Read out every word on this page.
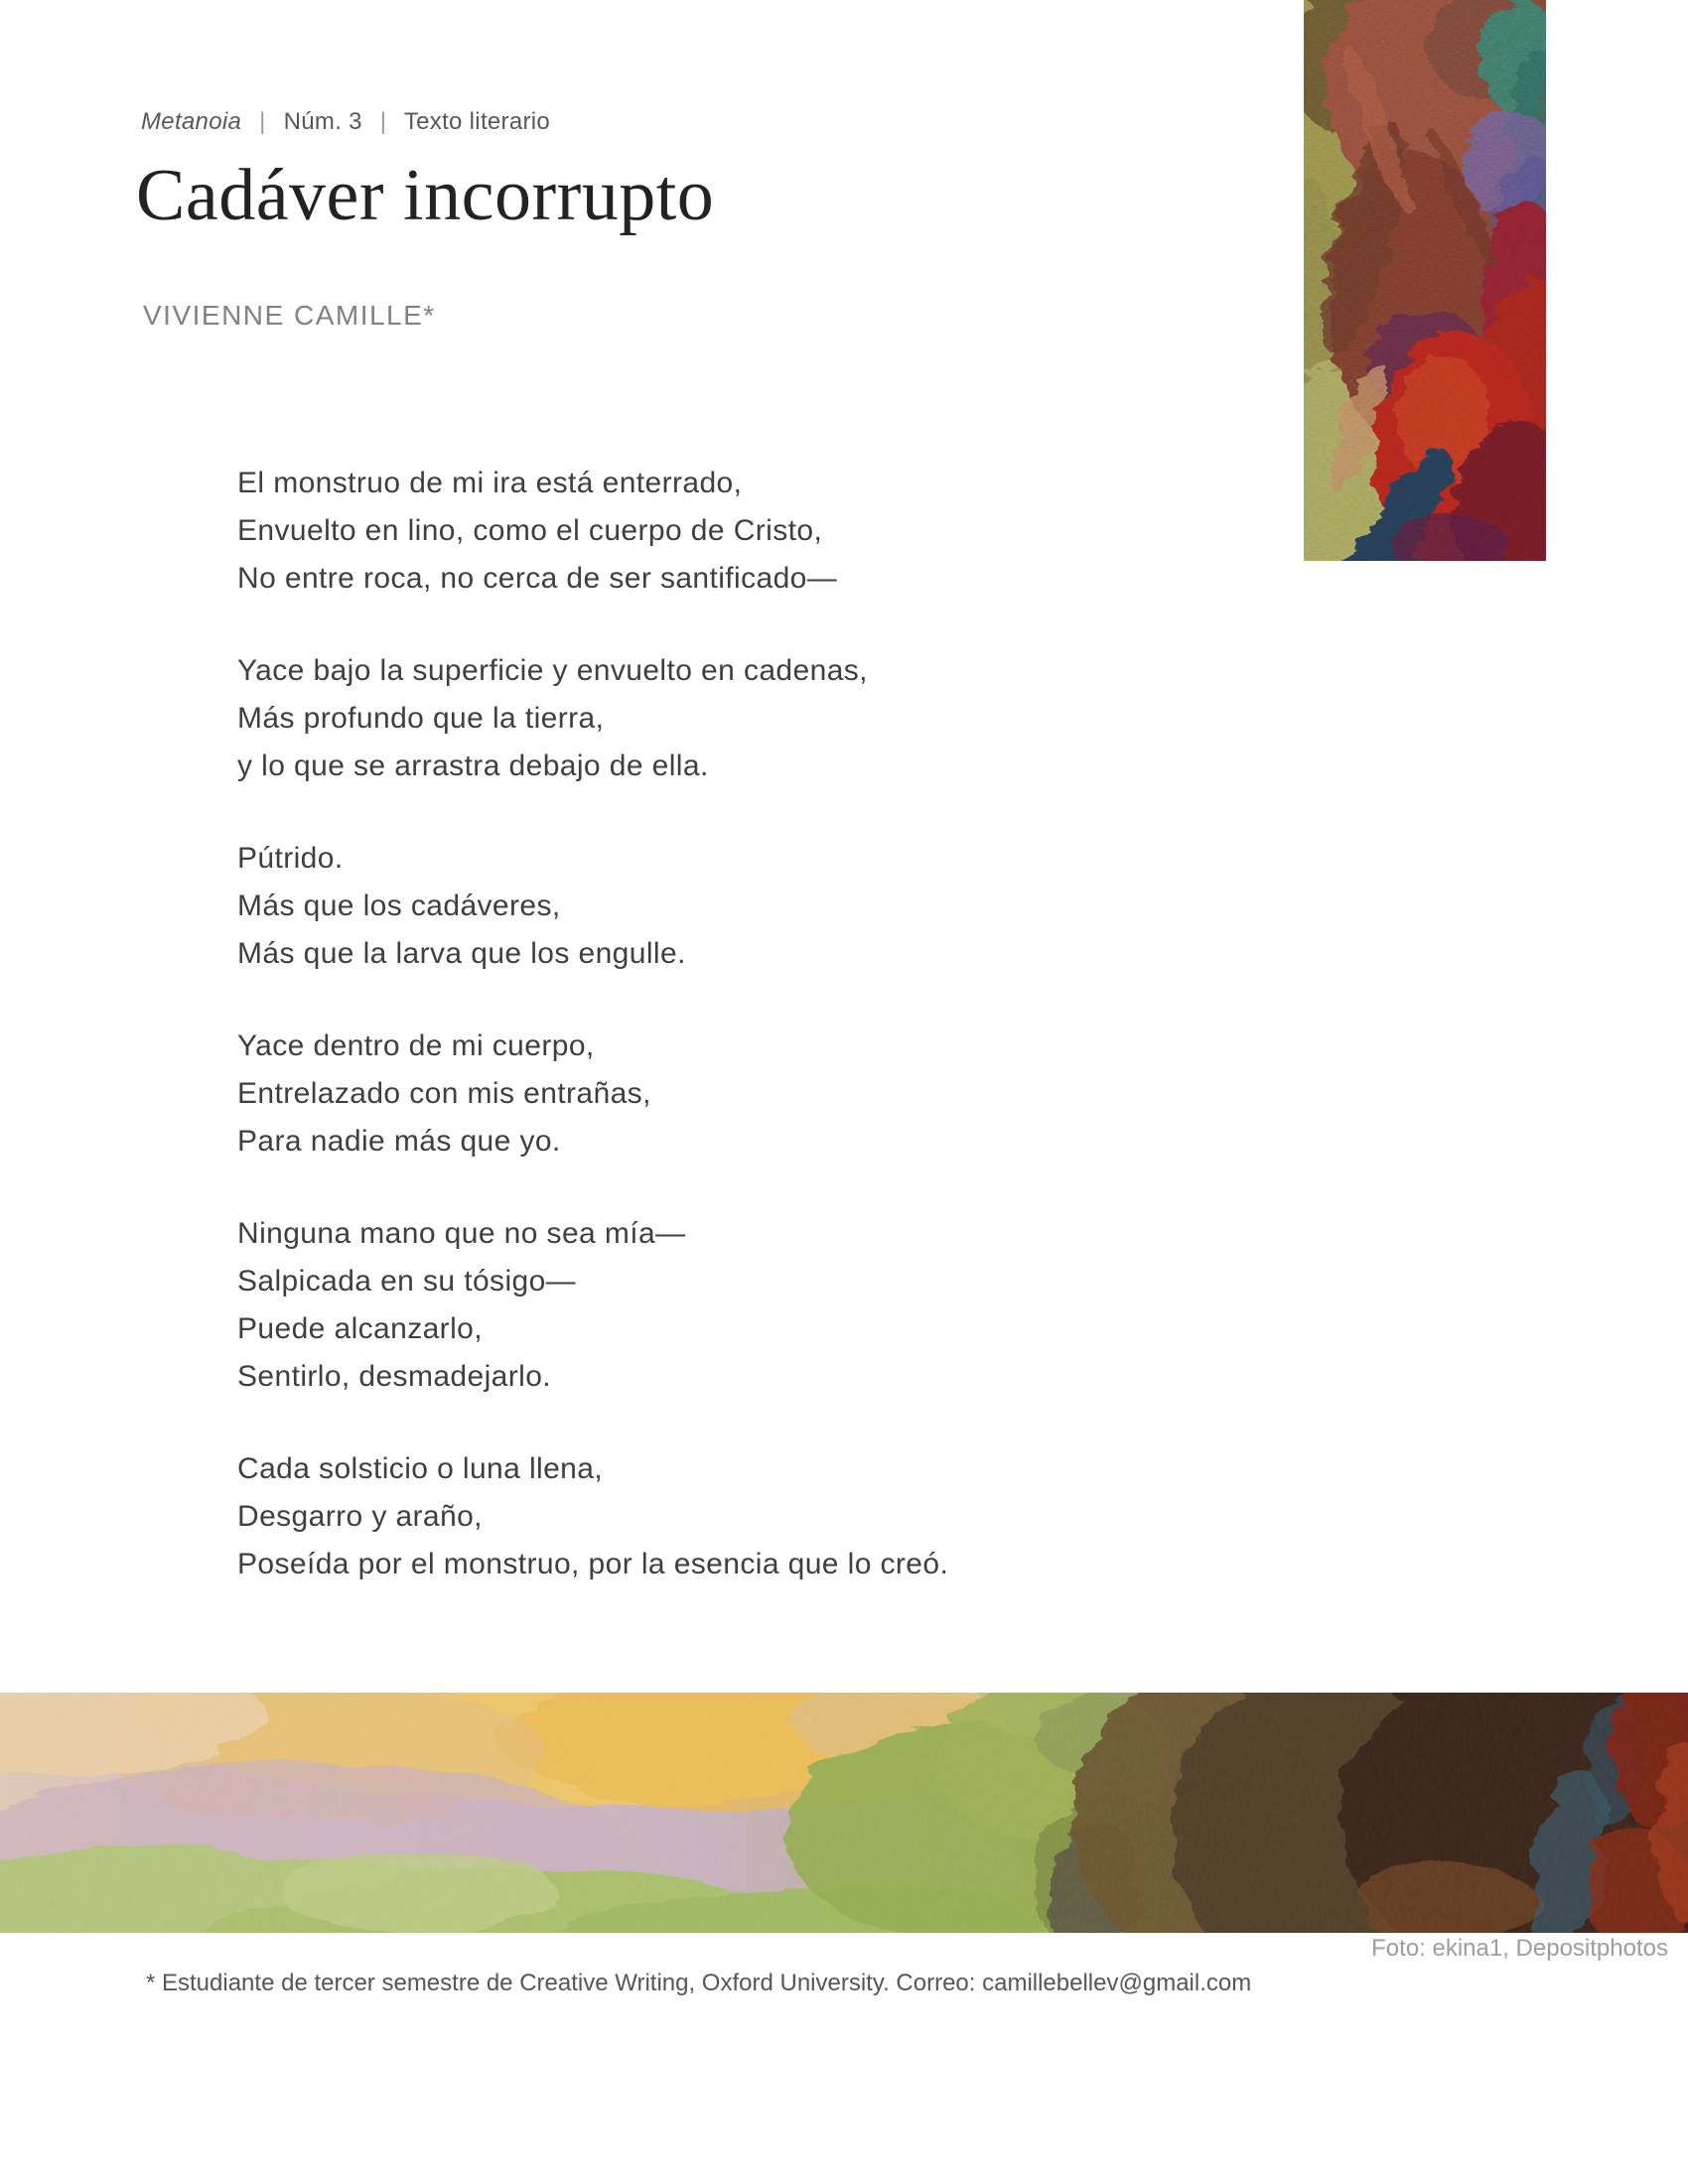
Metanoia | Núm. 3 | Texto literario
Cadáver incorrupto
VIVIENNE CAMILLE*

El monstruo de mi ira está enterrado,
Envuelto en lino, como el cuerpo de Cristo,
No entre roca, no cerca de ser santificado—

Yace bajo la superficie y envuelto en cadenas,
Más profundo que la tierra,
y lo que se arrastra debajo de ella.

Pútrido.
Más que los cadáveres,
Más que la larva que los engulle.

Yace dentro de mi cuerpo,
Entrelazado con mis entrañas,
Para nadie más que yo.

Ninguna mano que no sea mía—
Salpicada en su tósigo—
Puede alcanzarlo,
Sentirlo, desmadejarlo.

Cada solsticio o luna llena,
Desgarro y araño,
Poseída por el monstruo, por la esencia que lo creó.

Foto: ekina1, Depositphotos
* Estudiante de tercer semestre de Creative Writing, Oxford University. Correo: camillebellev@gmail.com
